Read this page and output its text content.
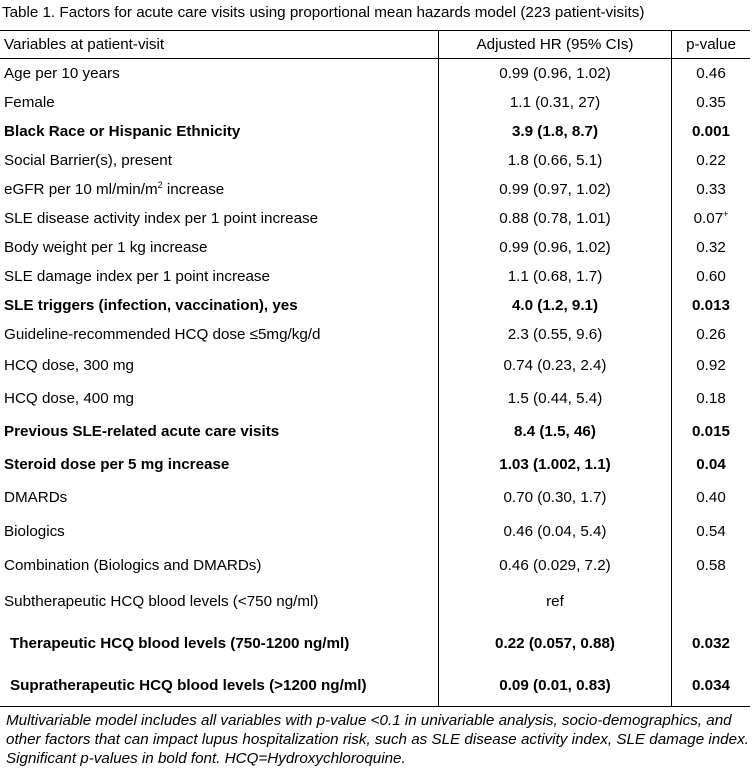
Table 1. Factors for acute care visits using proportional mean hazards model (223 patient-visits)
Variables at patient-visit	Adjusted HR (95% CIs)	p-value
Age per 10 years	0.99 (0.96, 1.02)	0.46
Female	1.1 (0.31, 27)	0.35
Black Race or Hispanic Ethnicity	3.9 (1.8, 8.7)	0.001
Social Barrier(s), present	1.8 (0.66, 5.1)	0.22
eGFR per 10 $ml/\min/m^2$ increase	0.99 (0.97, 1.02)	0.33
SLE disease activity index per 1 point increase	0.88 (0.78, 1.01)	0.07+
Body weight per 1 kg increase	0.99 (0.96, 1.02)	0.32
SLE damage index per 1 point increase	1.1 (0.68, 1.7)	0.60
SLE triggers (infection, vaccination), yes	4.0 (1.2, 9.1)	0.013
Guideline-recommended HCQ dose ≤5mg/kg/d	2.3 (0.55, 9.6)	0.26
HCQ dose, 300 mg	0.74 (0.23, 2.4)	0.92
HCQ dose, 400 mg	1.5 (0.44, 5.4)	0.18
Previous SLE-related acute care visits	8.4 (1.5, 46)	0.015
Steroid dose per 5 mg increase	1.03 (1.002, 1.1)	0.04
DMARDs	0.70 (0.30, 1.7)	0.40
Biologics	0.46 (0.04, 5.4)	0.54
Combination (Biologics and DMARDs)	0.46 (0.029, 7.2)	0.58
Subtherapeutic HCQ blood levels (<750 ng/ml)	ref	
Therapeutic HCQ blood levels (750-1200 ng/ml)	0.22 (0.057, 0.88)	0.032
Supratherapeutic HCQ blood levels (>1200 ng/ml)	0.09 (0.01, 0.83)	0.034
Multivariable model includes all variables with p-value <0.1 in univariable analysis, socio-demographics, and other factors that can impact lupus hospitalization risk, such as SLE disease activity index, SLE damage index. Significant p-values in bold font. HCQ=Hydroxychloroquine.
